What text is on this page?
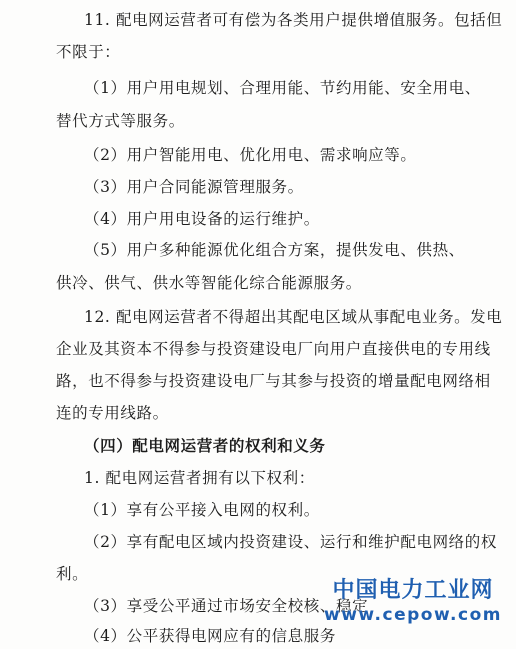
11. 配电网运营者可有偿为各类用户提供增值服务。包括但
不限于：
（1）用户用电规划、合理用能、节约用能、安全用电、
替代方式等服务。
（2）用户智能用电、优化用电、需求响应等。
（3）用户合同能源管理服务。
（4）用户用电设备的运行维护。
（5）用户多种能源优化组合方案，提供发电、供热、
供冷、供气、供水等智能化综合能源服务。
12. 配电网运营者不得超出其配电区域从事配电业务。发电
企业及其资本不得参与投资建设电厂向用户直接供电的专用线
路，也不得参与投资建设电厂与其参与投资的增量配电网络相
连的专用线路。
（四）配电网运营者的权利和义务
1. 配电网运营者拥有以下权利：
（1）享有公平接入电网的权利。
（2）享有配电区域内投资建设、运行和维护配电网络的权
利。
（3）享受公平通过市场安全校核、稳定
（4）公平获得电网应有的信息服务
中国电力工业网
www.cepow.com
